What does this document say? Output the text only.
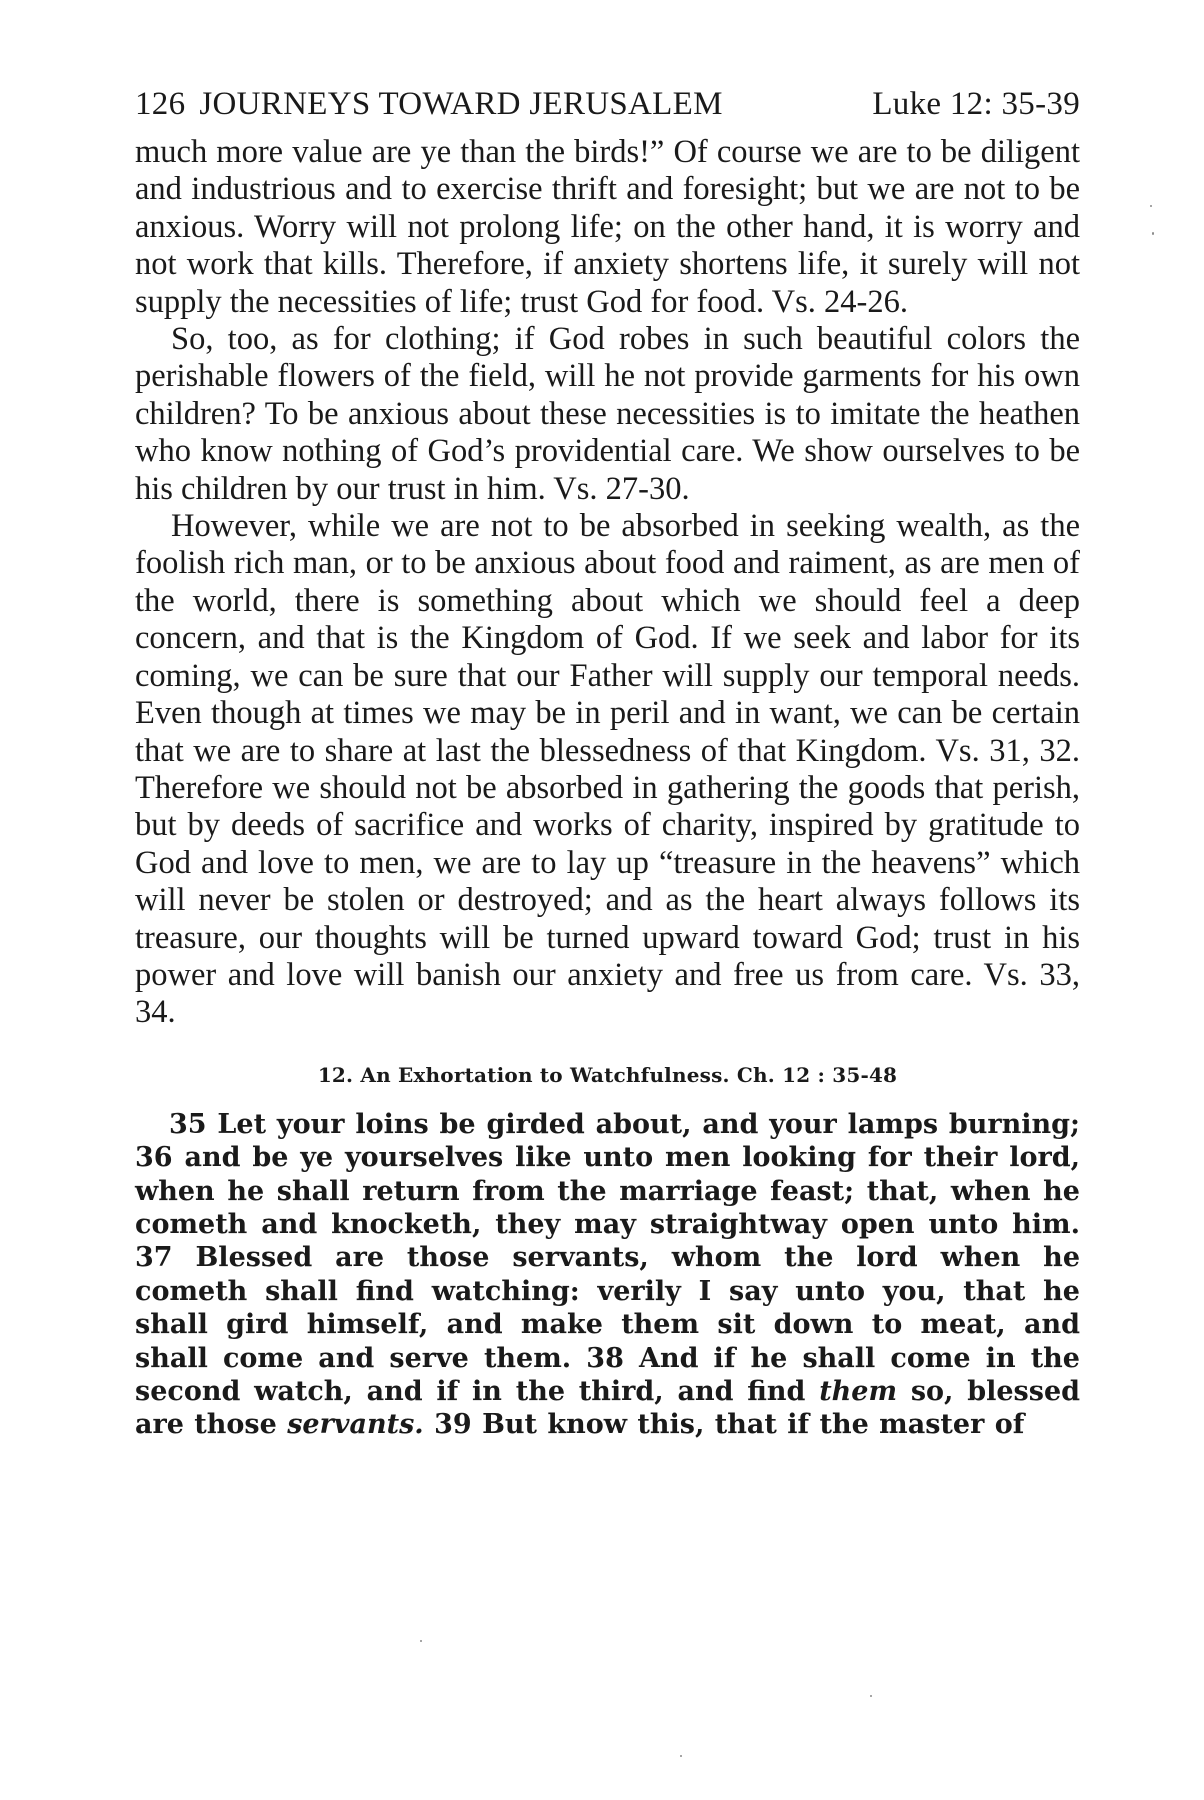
126 JOURNEYS TOWARD JERUSALEM	Luke 12: 35-39

much more value are ye than the birds!” Of course we are to be diligent and industrious and to exercise thrift and foresight; but we are not to be anxious. Worry will not prolong life; on the other hand, it is worry and not work that kills. Therefore, if anxiety shortens life, it surely will not supply the necessities of life; trust God for food. Vs. 24-26.

So, too, as for clothing; if God robes in such beautiful colors the perishable flowers of the field, will he not provide garments for his own children? To be anxious about these necessities is to imitate the heathen who know nothing of God’s providential care. We show ourselves to be his children by our trust in him. Vs. 27-30.

However, while we are not to be absorbed in seeking wealth, as the foolish rich man, or to be anxious about food and raiment, as are men of the world, there is something about which we should feel a deep concern, and that is the Kingdom of God. If we seek and labor for its coming, we can be sure that our Father will supply our temporal needs. Even though at times we may be in peril and in want, we can be certain that we are to share at last the blessedness of that Kingdom. Vs. 31, 32. Therefore we should not be absorbed in gathering the goods that perish, but by deeds of sacrifice and works of charity, inspired by gratitude to God and love to men, we are to lay up “treasure in the heavens” which will never be stolen or destroyed; and as the heart always follows its treasure, our thoughts will be turned upward toward God; trust in his power and love will banish our anxiety and free us from care. Vs. 33, 34.

12. An Exhortation to Watchfulness. Ch. 12 : 35-48

35 Let your loins be girded about, and your lamps burning; 36 and be ye yourselves like unto men looking for their lord, when he shall return from the marriage feast; that, when he cometh and knocketh, they may straightway open unto him. 37 Blessed are those servants, whom the lord when he cometh shall find watching: verily I say unto you, that he shall gird himself, and make them sit down to meat, and shall come and serve them. 38 And if he shall come in the second watch, and if in the third, and find them so, blessed are those servants. 39 But know this, that if the master of
